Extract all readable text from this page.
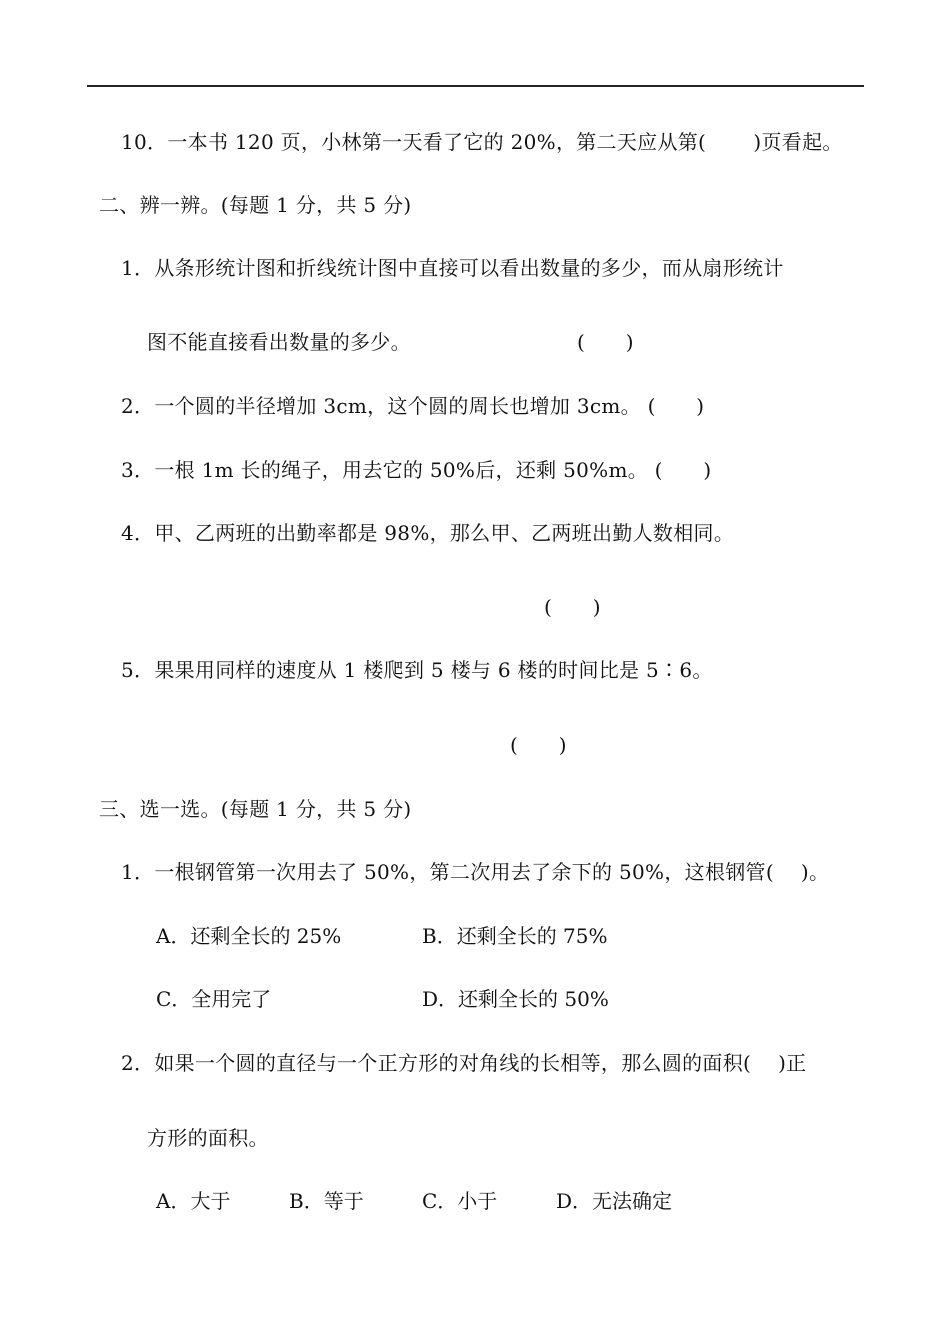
10．一本书 120 页，小林第一天看了它的 20%，第二天应从第(　　 )页看起。
二、辨一辨。(每题 1 分，共 5 分)
1．从条形统计图和折线统计图中直接可以看出数量的多少，而从扇形统计
图不能直接看出数量的多少。	(　　)
2．一个圆的半径增加 3cm，这个圆的周长也增加 3cm。 (　　)
3．一根 1m 长的绳子，用去它的 50%后，还剩 50%m。 (　　)
4．甲、乙两班的出勤率都是 98%，那么甲、乙两班出勤人数相同。
(　　)
5．果果用同样的速度从 1 楼爬到 5 楼与 6 楼的时间比是 5∶6。
(　　)
三、选一选。(每题 1 分，共 5 分)
1．一根钢管第一次用去了 50%，第二次用去了余下的 50%，这根钢管(　 )。
A．还剩全长的 25%	B．还剩全长的 75%
C．全用完了	D．还剩全长的 50%
2．如果一个圆的直径与一个正方形的对角线的长相等，那么圆的面积(　 )正
方形的面积。
A．大于	B．等于	C．小于	D．无法确定
